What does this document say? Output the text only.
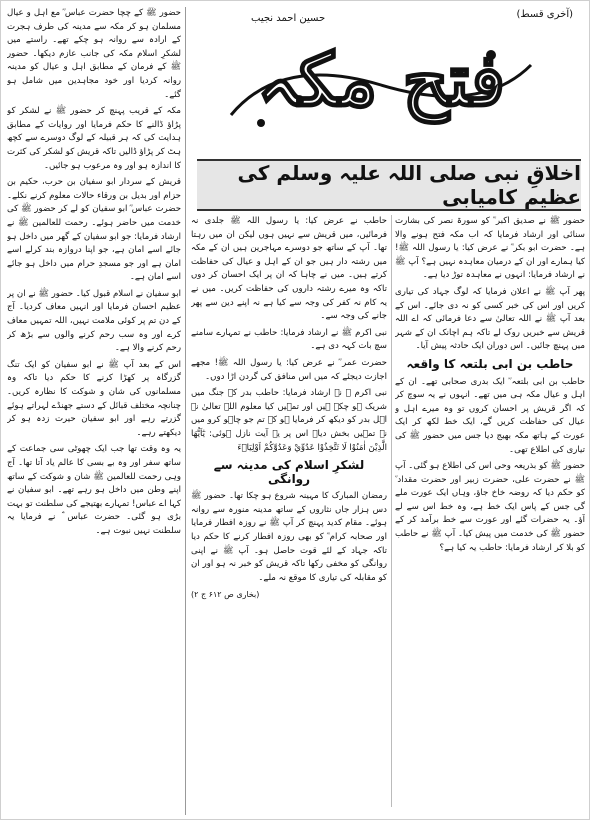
حضور ﷺ کے چچا حضرت عباس ؓ مع اہل و عیال مسلمان ہو کر مکہ سے مدینہ کی طرف ہجرت کے ارادہ سے روانہ ہو چکے تھے۔ راستے میں لشکرِ اسلام مکہ کی جانب عازم دیکھا۔ حضور ﷺ کے فرمان کے مطابق اہل و عیال کو مدینہ روانہ کردیا اور خود مجاہدین میں شامل ہو گئے۔

مکہ کے قریب پہنچ کر حضور ﷺ نے لشکر کو پڑاؤ ڈالنے کا حکم فرمایا اور روایات کے مطابق ہدایت کی کہ ہر قبیلہ کے لوگ دوسرے سے کچھ ہٹ کر پڑاؤ ڈالیں تاکہ قریش کو لشکر کی کثرت کا اندازہ ہو اور وہ مرعوب ہو جائیں۔

قریش کے سردار ابو سفیان بن حرب، حکیم بن حزام اور بدیل بن ورقاء حالات معلوم کرنے نکلے۔ حضرت عباس ؓ ابو سفیان کو لے کر حضور ﷺ کی خدمت میں حاضر ہوئے۔ رحمت للعالمین ﷺ نے ارشاد فرمایا: جو ابو سفیان کے گھر میں داخل ہو جائے اسے امان ہے، جو اپنا دروازہ بند کرلے اسے امان ہے اور جو مسجدِ حرام میں داخل ہو جائے اسے امان ہے۔

ابو سفیان نے اسلام قبول کیا۔ حضور ﷺ نے ان پر عظیم احسان فرمایا اور انہیں معاف کردیا۔ آج کے دن تم پر کوئی ملامت نہیں، اللہ تمہیں معاف کرے اور وہ سب رحم کرنے والوں سے بڑھ کر رحم کرنے والا ہے۔

اس کے بعد آپ ﷺ نے ابو سفیان کو ایک تنگ گزرگاہ پر کھڑا کرنے کا حکم دیا تاکہ وہ مسلمانوں کی شان و شوکت کا نظارہ کریں۔ چنانچہ مختلف قبائل کے دستے جھنڈے لہراتے ہوئے گزرتے رہے اور ابو سفیان حیرت زدہ ہو کر دیکھتے رہے۔

یہ وہ وقت تھا جب ایک چھوٹی سی جماعت کے ساتھ سفر اور وہ بے بسی کا عالم یاد آتا تھا۔ آج وہی رحمت للعالمین ﷺ شان و شوکت کے ساتھ اپنے وطن میں داخل ہو رہے تھے۔ ابو سفیان نے کہا اے عباس! تمہارے بھتیجے کی سلطنت تو بہت بڑی ہو گئی۔ حضرت عباس ؓ نے فرمایا یہ سلطنت نہیں نبوت ہے۔

(آخری قسط)
حسین احمد نجیب
فتح مکہ
اخلاقِ نبی صلی اللہ علیہ وسلم کی عظیم کامیابی

حاطب نے عرض کیا: یا رسول اللہ ﷺ جلدی نہ فرمائیں، میں قریش سے نہیں ہوں لیکن ان میں رہتا تھا۔ آپ کے ساتھ جو دوسرے مہاجرین ہیں ان کے مکہ میں رشتہ دار ہیں جو ان کے اہل و عیال کی حفاظت کرتے ہیں۔ میں نے چاہا کہ ان پر ایک احسان کر دوں تاکہ وہ میرے رشتہ داروں کی حفاظت کریں۔ میں نے یہ کام نہ کفر کی وجہ سے کیا ہے نہ اپنے دین سے پھر جانے کی وجہ سے۔

نبی اکرم ﷺ نے ارشاد فرمایا: حاطب نے تمہارے سامنے سچ بات کہہ دی ہے۔

حضرت عمر ؓ نے عرض کیا: یا رسول اللہ ﷺ! مجھے اجازت دیجئے کہ میں اس منافق کی گردن اڑا دوں۔

نبی اکرم ﷺ نے ارشاد فرمایا: حاطب بدر کے جنگ میں شریک ہو چکے ہیں اور تمہیں کیا معلوم اللہ تعالیٰ نے اہل بدر کو دیکھ کر فرمایا ہو کہ تم جو چاہو کرو میں نے تمہیں بخش دیا۔ اس پر یہ آیت نازل ہوئی: يٰٓاَيُّهَا الَّذِيْنَ اٰمَنُوْا لَا تَتَّخِذُوْا عَدُوِّيْ وَعَدُوَّكُمْ اَوْلِيَاۗءَ

لشکرِ اسلام کی مدینہ سے روانگی

رمضان المبارک کا مہینہ شروع ہو چکا تھا۔ حضور ﷺ دس ہزار جاں نثاروں کے ساتھ مدینہ منورہ سے روانہ ہوئے۔ مقام کدید پہنچ کر آپ ﷺ نے روزہ افطار فرمایا اور صحابہ کرام ؓ کو بھی روزہ افطار کرنے کا حکم دیا تاکہ جہاد کے لئے قوت حاصل ہو۔ آپ ﷺ نے اپنی روانگی کو مخفی رکھا تاکہ قریش کو خبر نہ ہو اور ان کو مقابلہ کی تیاری کا موقع نہ ملے۔

(بخاری ص ۶۱۲ ج ۲)

حضور ﷺ نے صدیق اکبر ؓ کو سورۃ نصر کی بشارت سنائی اور ارشاد فرمایا کہ اب مکہ فتح ہونے والا ہے۔ حضرت ابو بکر ؓ نے عرض کیا: یا رسول اللہ ﷺ! کیا ہمارے اور ان کے درمیان معاہدہ نہیں ہے؟ آپ ﷺ نے ارشاد فرمایا: انہوں نے معاہدہ توڑ دیا ہے۔

پھر آپ ﷺ نے اعلان فرمایا کہ لوگ جہاد کی تیاری کریں اور اس کی خبر کسی کو نہ دی جائے۔ اس کے بعد آپ ﷺ نے اللہ تعالیٰ سے دعا فرمائی کہ اے اللہ قریش سے خبریں روک لے تاکہ ہم اچانک ان کے شہر میں پہنچ جائیں۔ اس دوران ایک حادثہ پیش آیا۔

حاطب بن ابی بلتعہ کا واقعہ

حاطب بن ابی بلتعہ ؓ ایک بدری صحابی تھے۔ ان کے اہل و عیال مکہ ہی میں تھے۔ انہوں نے یہ سوچ کر کہ اگر قریش پر احسان کروں تو وہ میرے اہل و عیال کی حفاظت کریں گے، ایک خط لکھ کر ایک عورت کے ہاتھ مکہ بھیج دیا جس میں حضور ﷺ کی تیاری کی اطلاع تھی۔

حضور ﷺ کو بذریعہ وحی اس کی اطلاع ہو گئی۔ آپ ﷺ نے حضرت علی، حضرت زبیر اور حضرت مقداد ؓ کو حکم دیا کہ روضہ خاخ جاؤ، وہاں ایک عورت ملے گی جس کے پاس ایک خط ہے، وہ خط اس سے لے آؤ۔ یہ حضرات گئے اور عورت سے خط برآمد کر کے حضور ﷺ کی خدمت میں پیش کیا۔ آپ ﷺ نے حاطب کو بلا کر ارشاد فرمایا: حاطب یہ کیا ہے؟
